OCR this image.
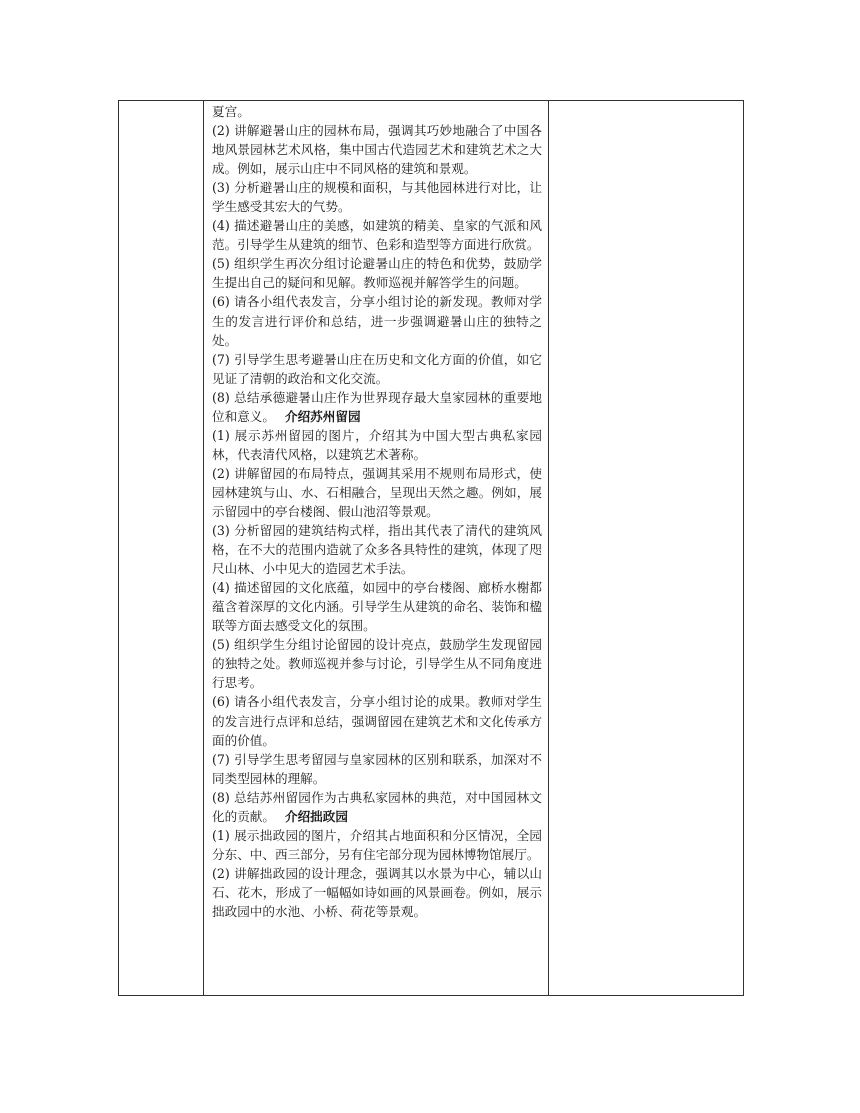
夏宫。

(2) 讲解避暑山庄的园林布局，强调其巧妙地融合了中国各地风景园林艺术风格，集中国古代造园艺术和建筑艺术之大成。例如，展示山庄中不同风格的建筑和景观。

(3) 分析避暑山庄的规模和面积，与其他园林进行对比，让学生感受其宏大的气势。

(4) 描述避暑山庄的美感，如建筑的精美、皇家的气派和风范。引导学生从建筑的细节、色彩和造型等方面进行欣赏。

(5) 组织学生再次分组讨论避暑山庄的特色和优势，鼓励学生提出自己的疑问和见解。教师巡视并解答学生的问题。

(6) 请各小组代表发言，分享小组讨论的新发现。教师对学生的发言进行评价和总结，进一步强调避暑山庄的独特之处。

(7) 引导学生思考避暑山庄在历史和文化方面的价值，如它见证了清朝的政治和文化交流。

(8) 总结承德避暑山庄作为世界现存最大皇家园林的重要地位和意义。 介绍苏州留园

(1) 展示苏州留园的图片，介绍其为中国大型古典私家园林，代表清代风格，以建筑艺术著称。

(2) 讲解留园的布局特点，强调其采用不规则布局形式，使园林建筑与山、水、石相融合，呈现出天然之趣。例如，展示留园中的亭台楼阁、假山池沼等景观。

(3) 分析留园的建筑结构式样，指出其代表了清代的建筑风格，在不大的范围内造就了众多各具特性的建筑，体现了咫尺山林、小中见大的造园艺术手法。

(4) 描述留园的文化底蕴，如园中的亭台楼阁、廊桥水榭都蕴含着深厚的文化内涵。引导学生从建筑的命名、装饰和楹联等方面去感受文化的氛围。

(5) 组织学生分组讨论留园的设计亮点，鼓励学生发现留园的独特之处。教师巡视并参与讨论，引导学生从不同角度进行思考。

(6) 请各小组代表发言，分享小组讨论的成果。教师对学生的发言进行点评和总结，强调留园在建筑艺术和文化传承方面的价值。

(7) 引导学生思考留园与皇家园林的区别和联系，加深对不同类型园林的理解。

(8) 总结苏州留园作为古典私家园林的典范，对中国园林文化的贡献。 介绍拙政园

(1) 展示拙政园的图片，介绍其占地面积和分区情况，全园分东、中、西三部分，另有住宅部分现为园林博物馆展厅。

(2) 讲解拙政园的设计理念，强调其以水景为中心，辅以山石、花木，形成了一幅幅如诗如画的风景画卷。例如，展示拙政园中的水池、小桥、荷花等景观。
